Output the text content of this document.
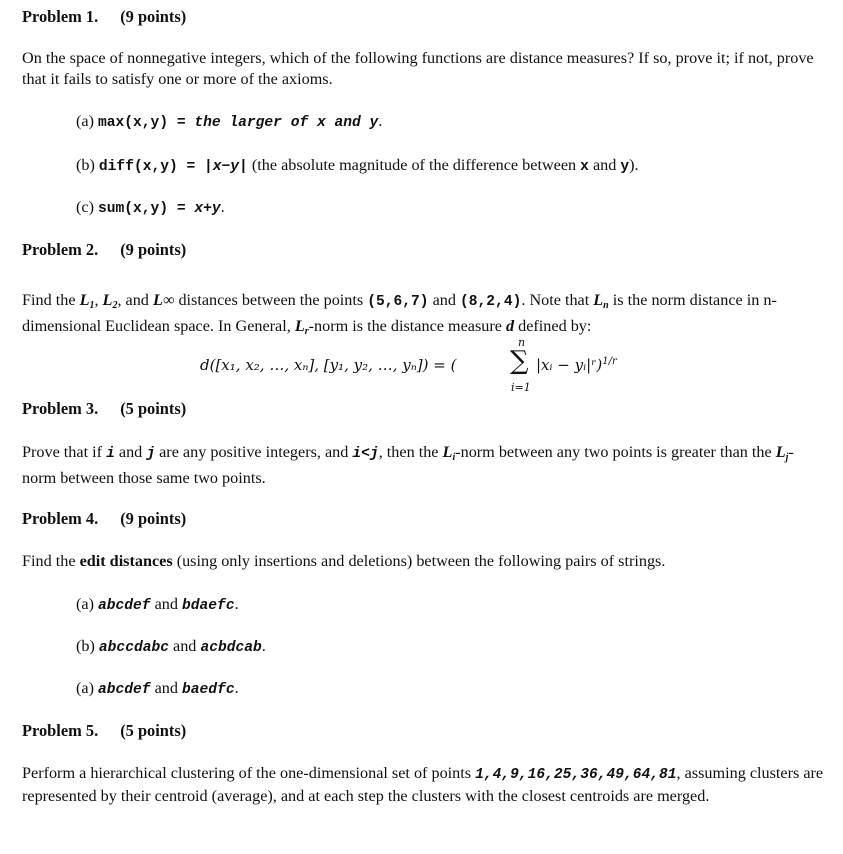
Problem 1. (9 points)
On the space of nonnegative integers, which of the following functions are distance measures? If so, prove it; if not, prove that it fails to satisfy one or more of the axioms.
(a) max(x,y) = the larger of x and y.
(b) diff(x,y) = |x−y| (the absolute magnitude of the difference between x and y).
(c) sum(x,y) = x+y.
Problem 2. (9 points)
Find the $L_1$, $L_2$, and L∞ distances between the points (5,6,7) and (8,2,4). Note that $L_n$ is the norm distance in n-dimensional Euclidean space. In General, $L_r$-norm is the distance measure d defined by:
d([x₁, x₂, …, xₙ], [y₁, y₂, …, yₙ]) = (
n
∑
i=1
|xᵢ − yᵢ|ʳ)$^{1/r}$
Problem 3. (5 points)
Prove that if i and j are any positive integers, and i<j, then the $L_i$-norm between any two points is greater than the $L_j$-norm between those same two points.
Problem 4. (9 points)
Find the edit distances (using only insertions and deletions) between the following pairs of strings.
(a) abcdef and bdaefc.
(b) abccdabc and acbdcab.
(a) abcdef and baedfc.
Problem 5. (5 points)
Perform a hierarchical clustering of the one-dimensional set of points 1,4,9,16,25,36,49,64,81, assuming clusters are represented by their centroid (average), and at each step the clusters with the closest centroids are merged.
